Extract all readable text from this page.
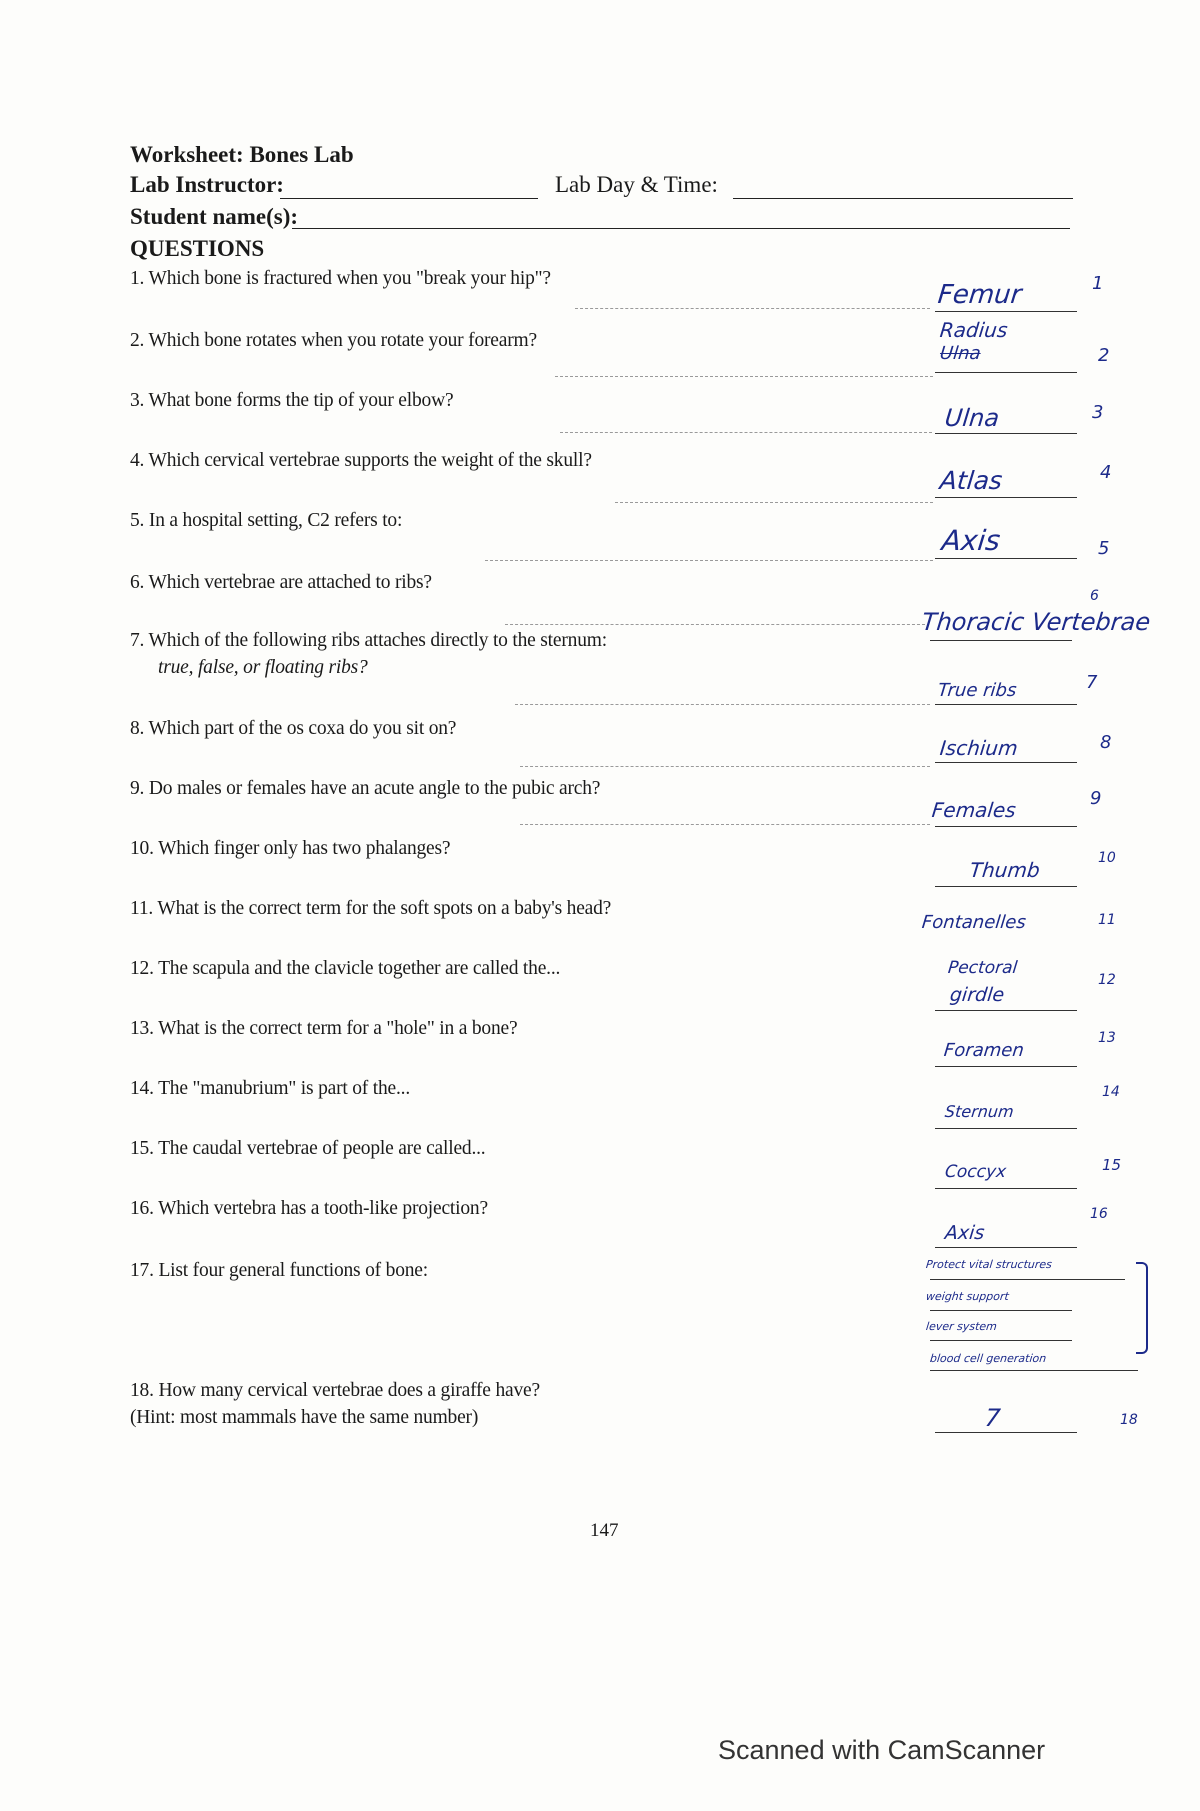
Worksheet: Bones Lab
Lab Instructor:	Lab Day & Time:
Student name(s):
QUESTIONS
1. Which bone is fractured when you "break your hip"?
Femur	1
2. Which bone rotates when you rotate your forearm?	Radius
Ulna	2
3. What bone forms the tip of your elbow?
Ulna	3
4. Which cervical vertebrae supports the weight of the skull?
Atlas	4
5. In a hospital setting, C2 refers to:
Axis	5
6. Which vertebrae are attached to ribs?
Thoracic Vertebrae
6
7. Which of the following ribs attaches directly to the sternum:
true, false, or floating ribs?
True ribs	7
8. Which part of the os coxa do you sit on?
Ischium	8
9. Do males or females have an acute angle to the pubic arch?
Females	9
10. Which finger only has two phalanges?
Thumb	10
11. What is the correct term for the soft spots on a baby's head?
Fontanelles	11
12. The scapula and the clavicle together are called the...	Pectoral
girdle
12
13. What is the correct term for a "hole" in a bone?
Foramen
13
14. The "manubrium" is part of the...
Sternum
14
15. The caudal vertebrae of people are called...
Coccyx	15
16. Which vertebra has a tooth-like projection?
Axis
16
17. List four general functions of bone:	Protect vital structures
weight support
lever system
blood cell generation
18. How many cervical vertebrae does a giraffe have?
(Hint: most mammals have the same number)	7	18
147
Scanned with CamScanner
